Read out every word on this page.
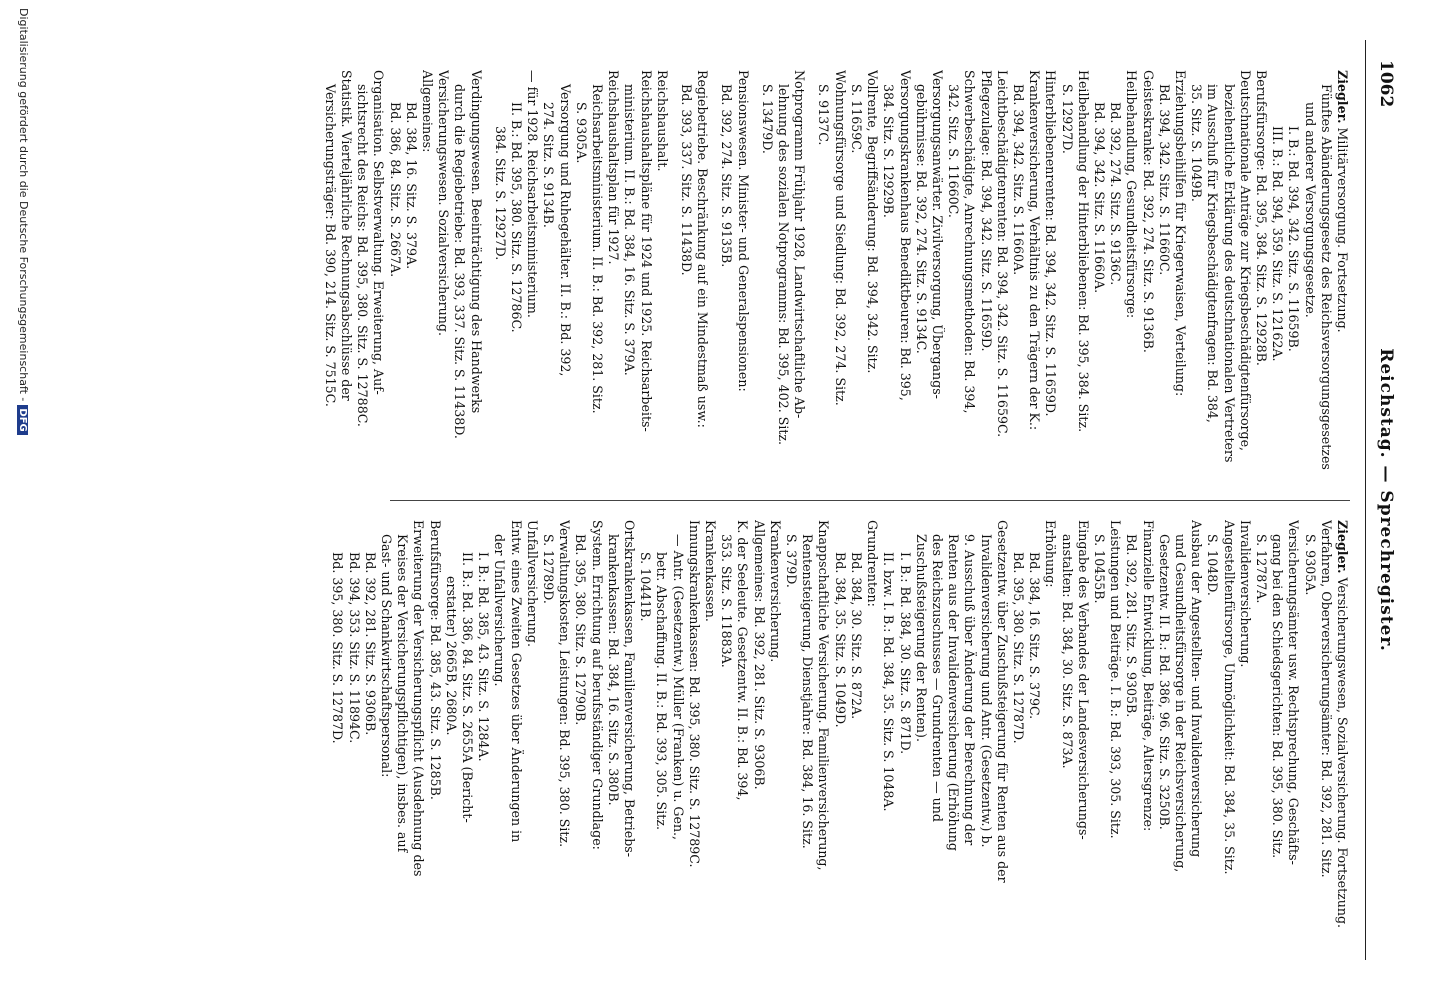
1062
Reichstag. — Sprechregister.
Ziegler. Militärversorgung. Fortsetzung.
Fünftes Abänderungsgesetz des Reichsversorgungsgesetzes
und anderer Versorgungsgesetze.
I. B.: Bd. 394, 342. Sitz. S. 11659B.
III. B.: Bd. 394, 359. Sitz. S. 12162A.
Berufsfürsorge: Bd. 395, 384. Sitz. S. 12928B.
Deutschnationale Anträge zur Kriegsbeschädigtenfürsorge,
beziehentliche Erklärung des deutschnationalen Vertreters
im Ausschuß für Kriegsbeschädigtenfragen: Bd. 384,
35. Sitz. S. 1049B.
Erziehungsbeihilfen für Kriegerwaisen, Verteilung:
Bd. 394, 342. Sitz. S. 11660C.
Geisteskranke: Bd. 392, 274. Sitz. S. 9136B.
Heilbehandlung, Gesundheitsfürsorge:
Bd. 392, 274. Sitz. S. 9136C.
Bd. 394, 342. Sitz. S. 11660A.
Heilbehandlung der Hinterbliebenen: Bd. 395, 384. Sitz.
S. 12927D.
Hinterbliebenenrenten: Bd. 394, 342. Sitz. S. 11659D.
Krankenversicherung, Verhältnis zu den Trägern der K.:
Bd. 394, 342. Sitz. S. 11660A.
Leichtbeschädigtenrenten: Bd. 394, 342. Sitz. S. 11659C.
Pflegezulage: Bd. 394, 342. Sitz. S. 11659D.
Schwerbeschädigte, Anrechnungsmethoden: Bd. 394,
342. Sitz. S. 11660C.
Versorgungsanwärter. Zivilversorgung, Übergangs-
gebührnisse: Bd. 392, 274. Sitz. S. 9134C.
Versorgungskrankenhaus Benediktbeuren: Bd. 395,
384. Sitz. S. 12929B.
Vollrente, Begriffsänderung: Bd. 394, 342. Sitz.
S. 11659C.
Wohnungsfürsorge und Siedlung: Bd. 392, 274. Sitz.
S. 9137C.
Notprogramm Frühjahr 1928, Landwirtschaftliche Ab-
lehnung des sozialen Notprogramms: Bd. 395, 402. Sitz.
S. 13479D.
Pensionswesen. Minister- und Generalspensionen:
Bd. 392, 274. Sitz. S. 9135B.
Regiebetriebe. Beschränkung auf ein Mindestmaß usw.:
Bd. 393, 337. Sitz. S. 11438D.
Reichshaushalt.
Reichshaushaltspläne für 1924 und 1925. Reichsarbeits-
ministerium. II. B.: Bd. 384, 16. Sitz. S. 379A.
Reichshaushaltsplan für 1927.
Reichsarbeitsministerium. II. B.: Bd. 392, 281. Sitz.
S. 9305A.
Versorgung und Ruhegehälter. II. B.: Bd. 392,
274. Sitz. S. 9134B.
— für 1928. Reichsarbeitsministerium.
II. B.: Bd. 395, 380. Sitz. S. 12786C.
384. Sitz. S. 12927D.
Verdingungswesen. Beeinträchtigung des Handwerks
durch die Regiebetriebe: Bd. 393, 337. Sitz. S. 11438D.
Versicherungswesen. Sozialversicherung.
Allgemeines:
Bd. 384, 16. Sitz. S. 379A.
Bd. 386, 84. Sitz. S. 2667A.
Organisation. Selbstverwaltung. Erweiterung, Auf-
sichtsrecht des Reichs: Bd. 395, 380. Sitz. S. 12788C.
Statistik. Vierteljährliche Rechnungsabschlüsse der
Versicherungsträger: Bd. 390, 214. Sitz. S. 7515C.
Ziegler. Versicherungswesen, Sozialversicherung. Fortsetzung.
Verfahren, Oberversicherungsämter: Bd. 392, 281. Sitz.
S. 9305A.
Versicherungsämter usw. Rechtsprechung, Geschäfts-
gang bei den Schiedsgerichten: Bd. 395, 380. Sitz.
S. 12787A.
Invalidenversicherung.
Angestelltenfürsorge, Unmöglichkeit: Bd. 384, 35. Sitz.
S. 1048D.
Ausbau der Angestellten- und Invalidenversicherung
und Gesundheitsfürsorge in der Reichsversicherung,
Gesetzentw. II. B.: Bd. 386, 96. Sitz. S. 3250B.
Finanzielle Entwicklung, Beiträge, Altersgrenze:
Bd. 392, 281. Sitz. S. 9305B.
Leistungen und Beiträge. I. B.: Bd. 393, 305. Sitz.
S. 10455B.
Eingabe des Verbandes der Landesversicherungs-
anstalten: Bd. 384, 30. Sitz. S. 873A.
Erhöhung:
Bd. 384, 16. Sitz. S. 379C.
Bd. 395, 380. Sitz. S. 12787D.
Gesetzentw. über Zuschußsteigerung für Renten aus der
Invalidenversicherung und Antr. (Gesetzentw.) b.
9. Ausschuß über Änderung der Berechnung der
Renten aus der Invalidenversicherung (Erhöhung
des Reichszuschusses — Grundrenten — und
Zuschußsteigerung der Renten).
I. B.: Bd. 384, 30. Sitz. S. 871D.
II. bzw. I. B.: Bd. 384, 35. Sitz. S. 1048A.
Grundrenten:
Bd. 384, 30. Sitz. S. 872A.
Bd. 384, 35. Sitz. S. 1049D.
Knappschaftliche Versicherung. Familienversicherung,
Rentensteigerung, Dienstjahre: Bd. 384, 16. Sitz.
S. 379D.
Krankenversicherung.
Allgemeines: Bd. 392, 281. Sitz. S. 9306B.
K. der Seeleute. Gesetzentw. II. B.: Bd. 394,
353. Sitz. S. 11883A.
Krankenkassen.
Innungskrankenkassen: Bd. 395, 380. Sitz. S. 12789C.
— Antr. (Gesetzentw.) Müller (Franken) u. Gen.,
betr. Abschaffung. II. B.: Bd. 393, 305. Sitz.
S. 10441B.
Ortskrankenkassen, Familienversicherung, Betriebs-
krankenkassen: Bd. 384, 16. Sitz. S. 380B.
System. Errichtung auf berufsständiger Grundlage:
Bd. 395, 380. Sitz. S. 12790B.
Verwaltungskosten, Leistungen: Bd. 395, 380. Sitz.
S. 12789D.
Unfallversicherung.
Entw. eines Zweiten Gesetzes über Änderungen in
der Unfallversicherung.
I. B.: Bd. 385, 43. Sitz. S. 1284A.
II. B.: Bd. 386, 84. Sitz. S. 2655A (Bericht-
erstatter) 2665B, 2680A.
Berufsfürsorge: Bd. 385, 43. Sitz. S. 1285B.
Erweiterung der Versicherungspflicht (Ausdehnung des
Kreises der Versicherungspflichtigen), insbes. auf
Gast- und Schankwirtschaftspersonal:
Bd. 392, 281. Sitz. S. 9306B.
Bd. 394, 353. Sitz. S. 11894C.
Bd. 395, 380. Sitz. S. 12787D.
Digitalisierung gefördert durch die Deutsche Forschungsgemeinschaft -DFG
